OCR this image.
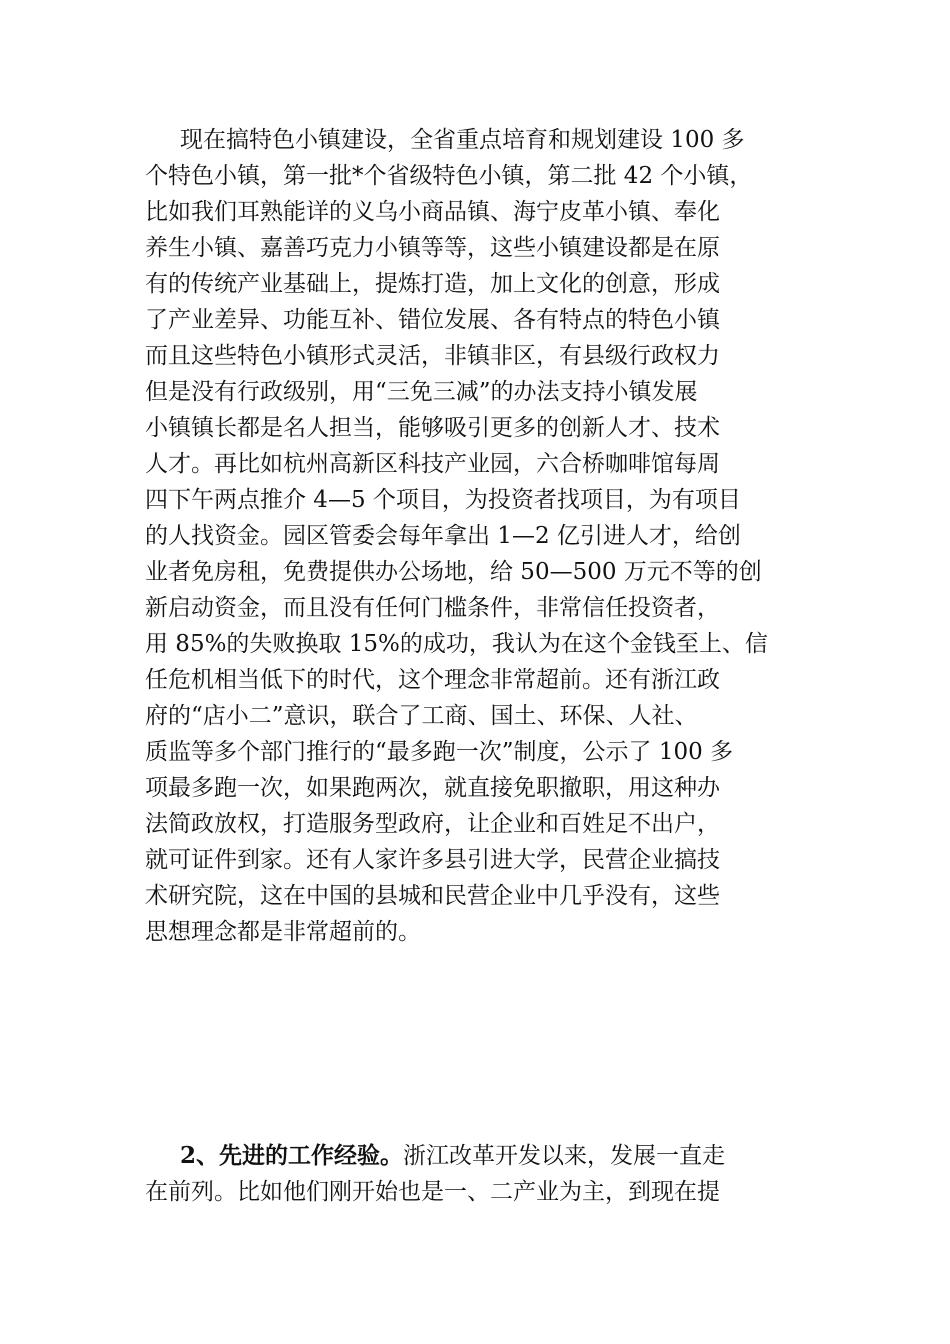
现在搞特色小镇建设，全省重点培育和规划建设 100 多
个特色小镇，第一批*个省级特色小镇，第二批 42 个小镇，
比如我们耳熟能详的义乌小商品镇、海宁皮革小镇、奉化
养生小镇、嘉善巧克力小镇等等，这些小镇建设都是在原
有的传统产业基础上，提炼打造，加上文化的创意，形成
了产业差异、功能互补、错位发展、各有特点的特色小镇
而且这些特色小镇形式灵活，非镇非区，有县级行政权力
但是没有行政级别，用“三免三减”的办法支持小镇发展
小镇镇长都是名人担当，能够吸引更多的创新人才、技术
人才。再比如杭州高新区科技产业园，六合桥咖啡馆每周
四下午两点推介 4—5 个项目，为投资者找项目，为有项目
的人找资金。园区管委会每年拿出 1—2 亿引进人才，给创
业者免房租，免费提供办公场地，给 50—500 万元不等的创
新启动资金，而且没有任何门槛条件，非常信任投资者，
用 85%的失败换取 15%的成功，我认为在这个金钱至上、信
任危机相当低下的时代，这个理念非常超前。还有浙江政
府的“店小二”意识，联合了工商、国土、环保、人社、
质监等多个部门推行的“最多跑一次”制度，公示了 100 多
项最多跑一次，如果跑两次，就直接免职撤职，用这种办
法简政放权，打造服务型政府，让企业和百姓足不出户，
就可证件到家。还有人家许多县引进大学，民营企业搞技
术研究院，这在中国的县城和民营企业中几乎没有，这些
思想理念都是非常超前的。
2、先进的工作经验。浙江改革开发以来，发展一直走
在前列。比如他们刚开始也是一、二产业为主，到现在提
